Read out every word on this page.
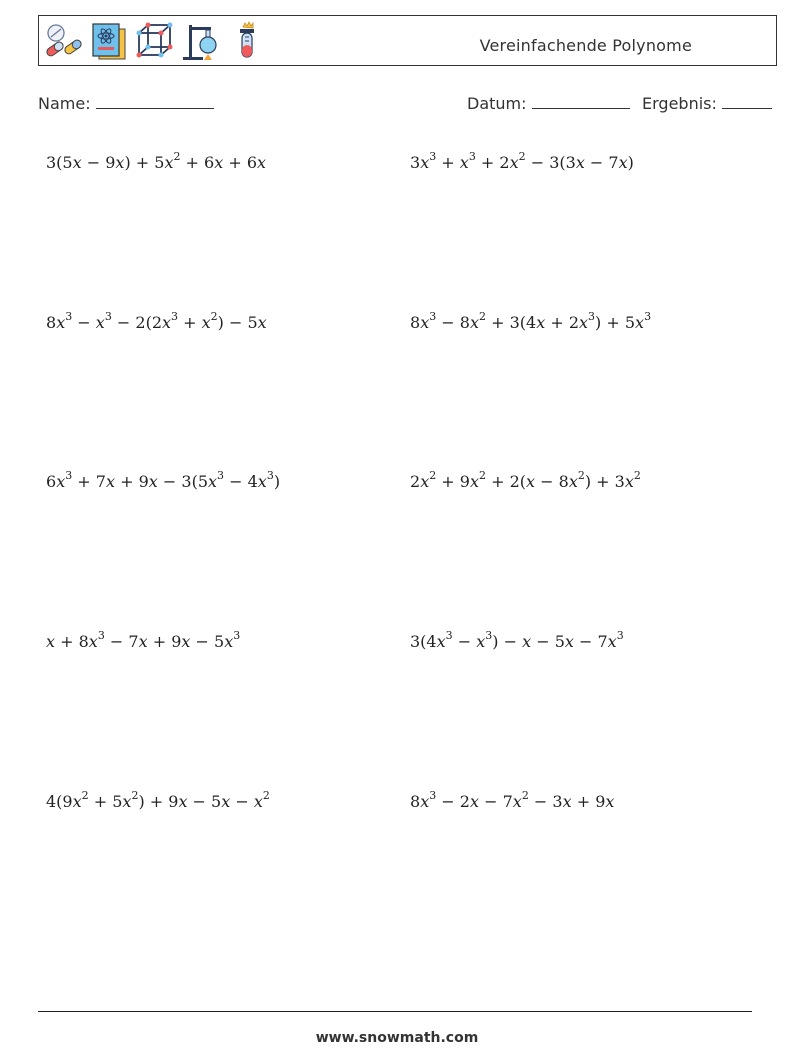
Vereinfachende Polynome
Name:	Datum:	Ergebnis:
$3(5x - 9x) + 5x^2 + 6x + 6x$	$3x^3 + x^3 + 2x^2 - 3(3x - 7x)$
$8x^3 - x^3 - 2(2x^3 + x^2) - 5x$	$8x^3 - 8x^2 + 3(4x + 2x^3) + 5x^3$
$6x^3 + 7x + 9x - 3(5x^3 - 4x^3)$	$2x^2 + 9x^2 + 2(x - 8x^2) + 3x^2$
$x + 8x^3 - 7x + 9x - 5x^3$	$3(4x^3 - x^3) - x - 5x - 7x^3$
$4(9x^2 + 5x^2) + 9x - 5x - x^2$	$8x^3 - 2x - 7x^2 - 3x + 9x$
www.snowmath.com
